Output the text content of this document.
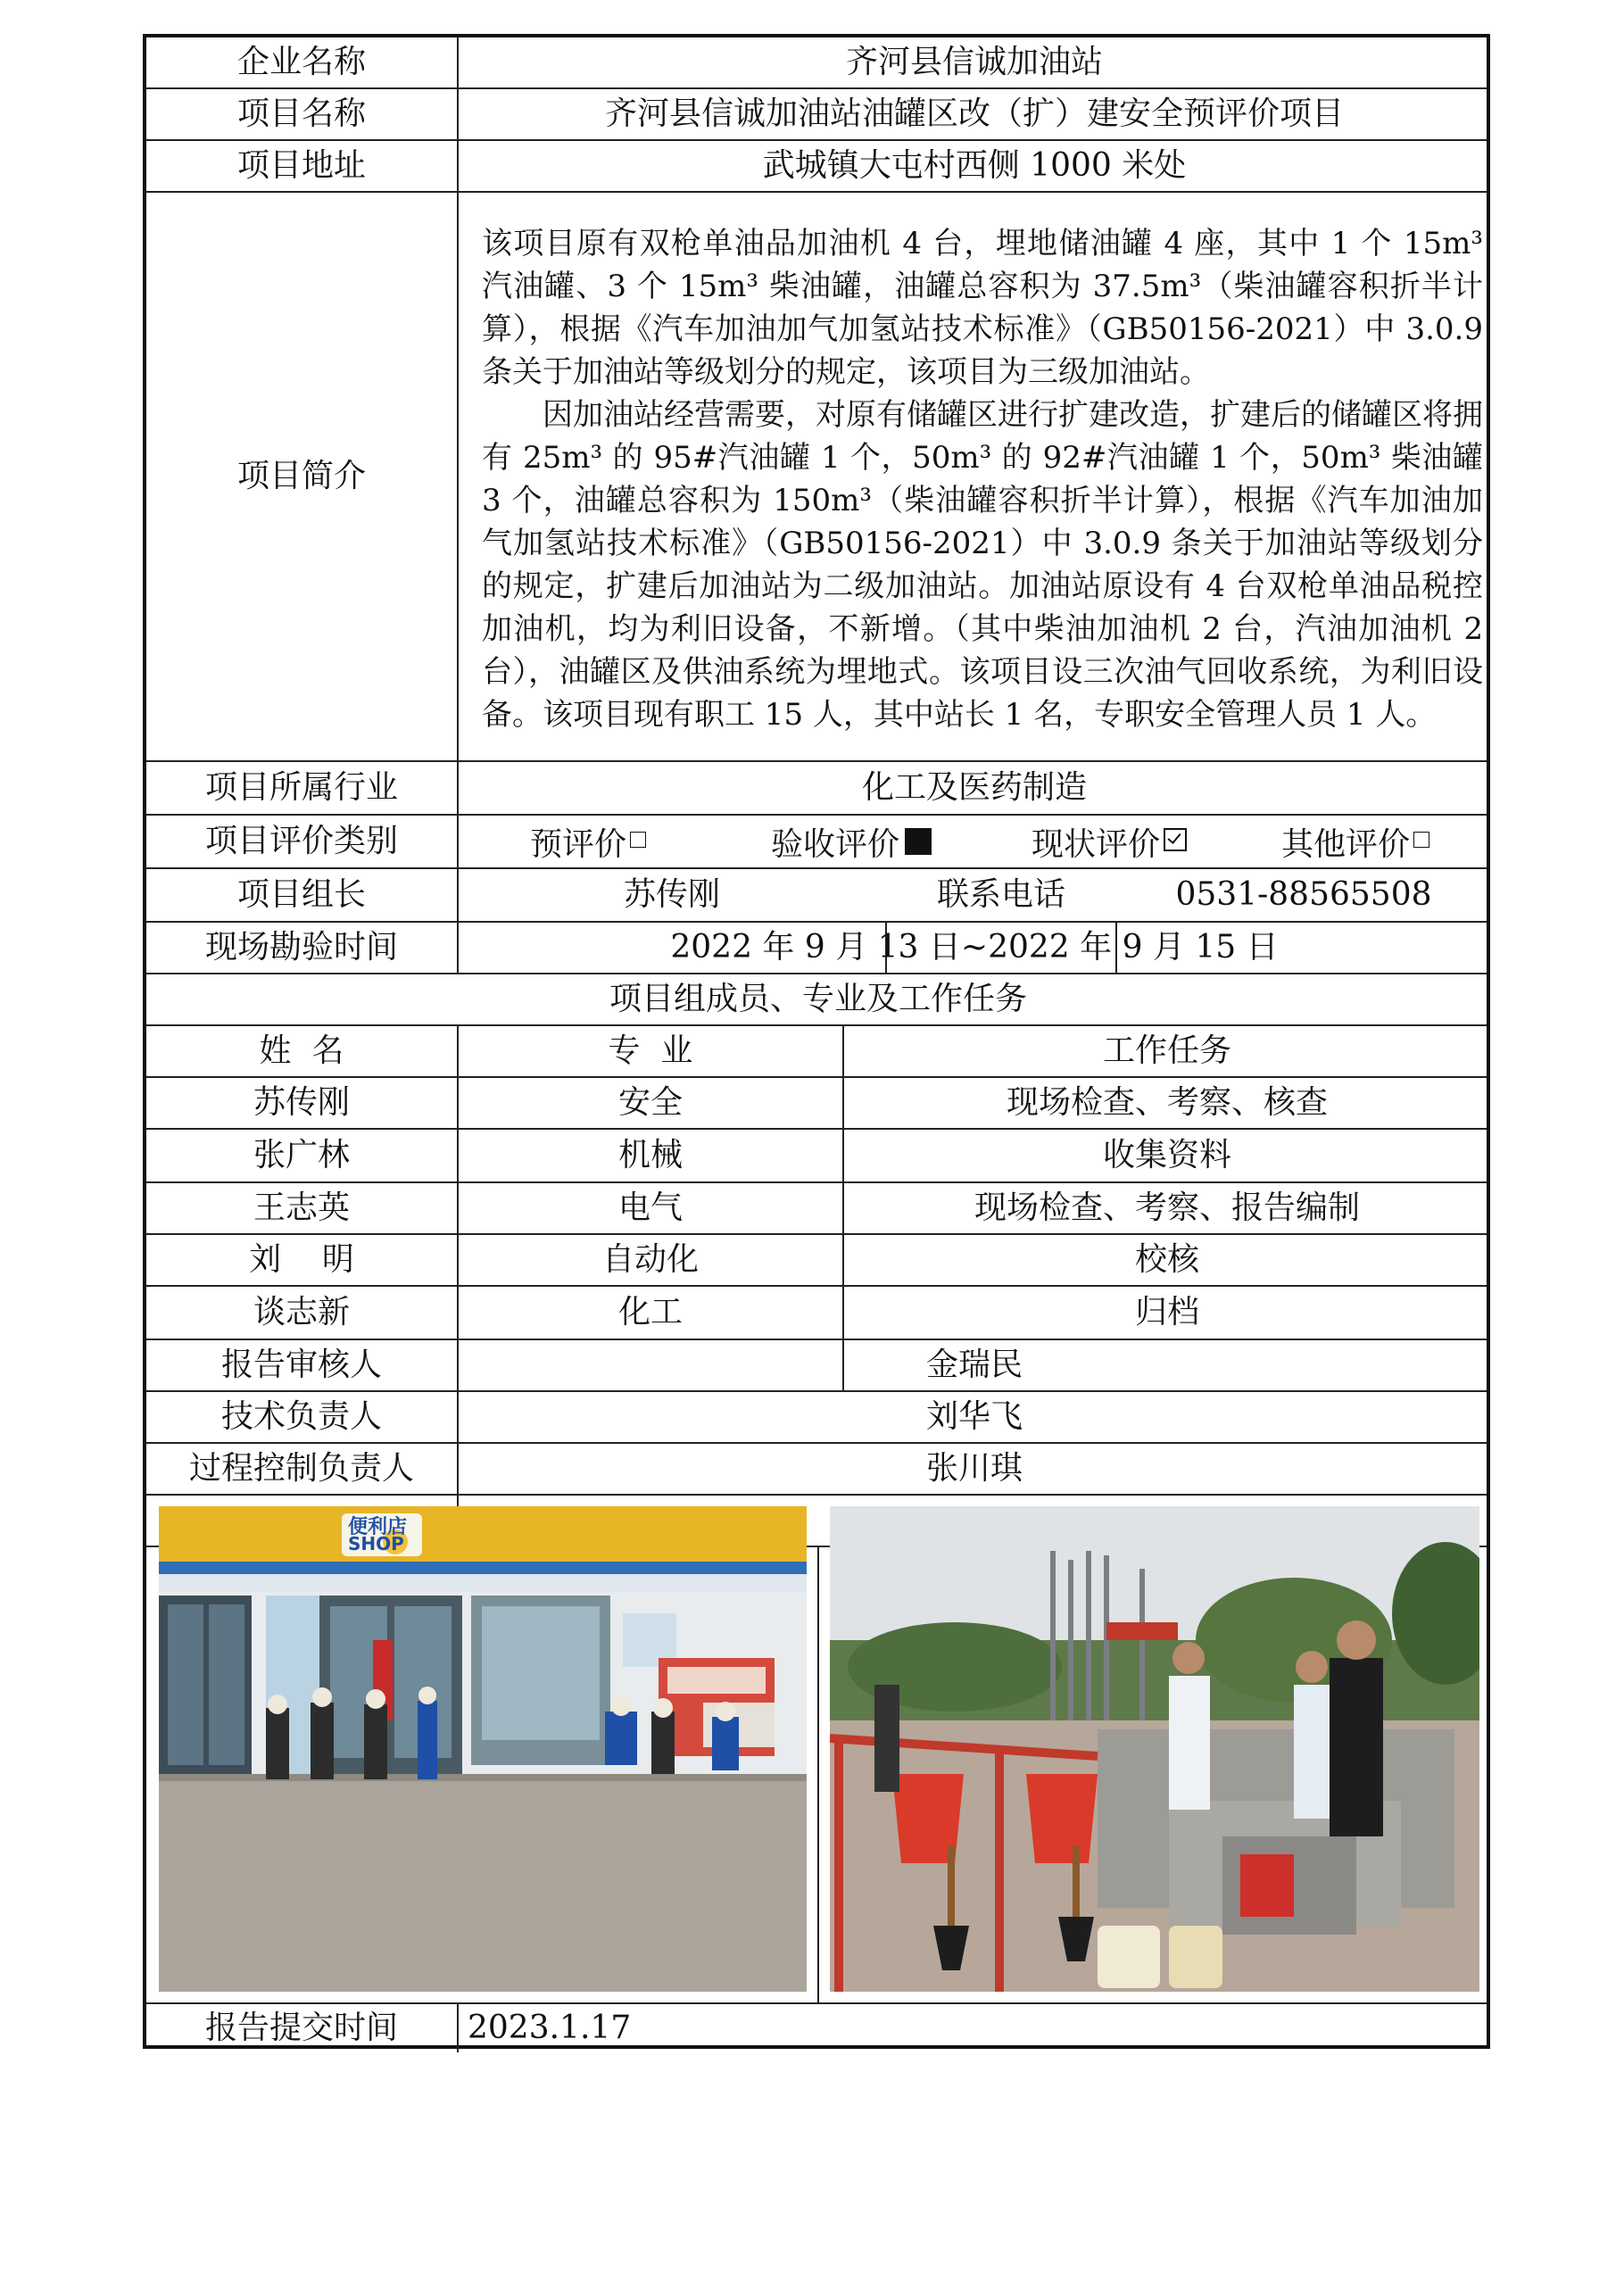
企业名称	齐河县信诚加油站
项目名称	齐河县信诚加油站油罐区改（扩）建安全预评价项目
项目地址	武城镇大屯村西侧 1000 米处
项目简介

该项目原有双枪单油品加油机 4 台，埋地储油罐 4 座，其中 1 个 15m³ 汽油罐、3 个 15m³ 柴油罐，油罐总容积为 37.5m³（柴油罐容积折半计算），根据《汽车加油加气加氢站技术标准》（GB50156-2021）中 3.0.9 条关于加油站等级划分的规定，该项目为三级加油站。

因加油站经营需要，对原有储罐区进行扩建改造，扩建后的储罐区将拥有 25m³ 的 95#汽油罐 1 个，50m³ 的 92#汽油罐 1 个，50m³ 柴油罐 3 个，油罐总容积为 150m³（柴油罐容积折半计算），根据《汽车加油加气加氢站技术标准》（GB50156-2021）中 3.0.9 条关于加油站等级划分的规定，扩建后加油站为二级加油站。加油站原设有 4 台双枪单油品税控加油机，均为利旧设备，不新增。（其中柴油加油机 2 台，汽油加油机 2 台），油罐区及供油系统为埋地式。该项目设三次油气回收系统，为利旧设备。该项目现有职工 15 人，其中站长 1 名，专职安全管理人员 1 人。

项目所属行业	化工及医药制造
项目评价类别	预评价	验收评价	现状评价	其他评价
项目组长	苏传刚	联系电话	0531-88565508
现场勘验时间	2022 年 9 月 13 日~2022 年 9 月 15 日
项目组成员、专业及工作任务
姓  名	专  业	工作任务
苏传刚	安全	现场检查、考察、核查
张广林	机械	收集资料
王志英	电气	现场检查、考察、报告编制
刘    明	自动化	校核
谈志新	化工	归档
报告审核人	金瑞民
技术负责人	刘华飞
过程控制负责人	张川琪
便利店
SHOP
报告提交时间	2023.1.17
